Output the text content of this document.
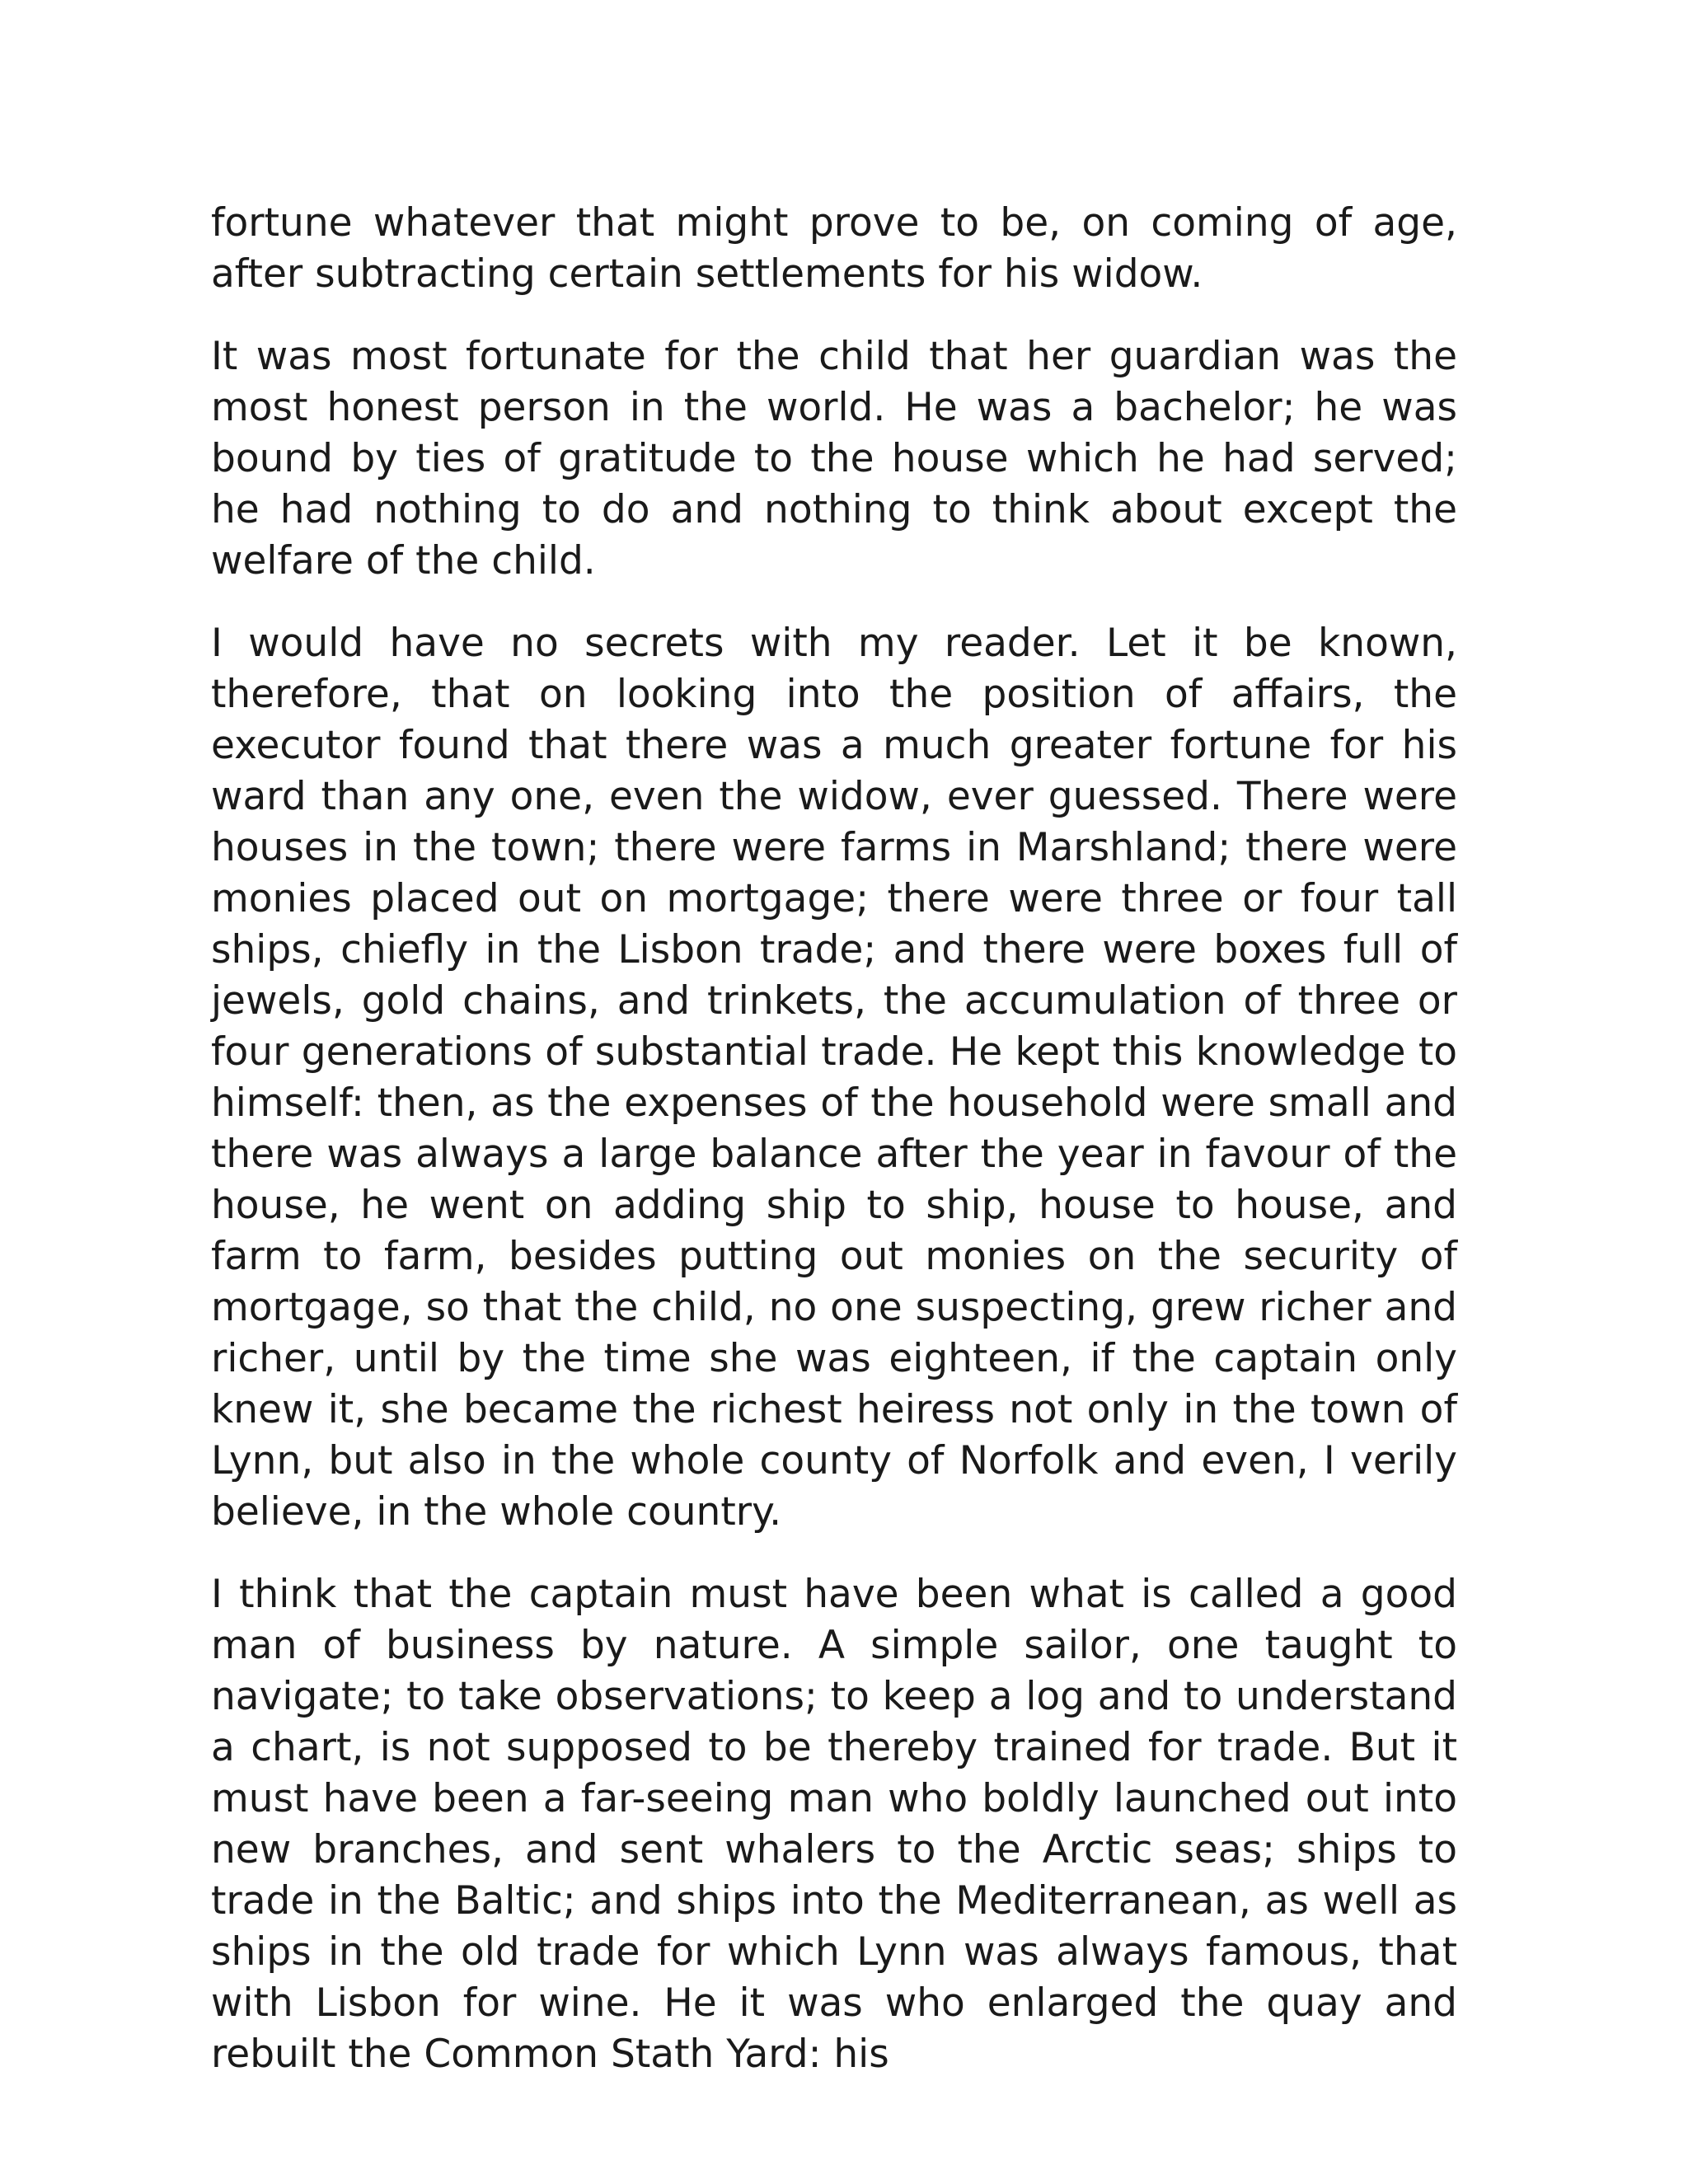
fortune whatever that might prove to be, on coming of age, after subtracting certain settlements for his widow.

It was most fortunate for the child that her guardian was the most honest person in the world. He was a bachelor; he was bound by ties of gratitude to the house which he had served; he had nothing to do and nothing to think about except the welfare of the child.

I would have no secrets with my reader. Let it be known, therefore, that on looking into the position of affairs, the executor found that there was a much greater fortune for his ward than any one, even the widow, ever guessed. There were houses in the town; there were farms in Marshland; there were monies placed out on mortgage; there were three or four tall ships, chiefly in the Lisbon trade; and there were boxes full of jewels, gold chains, and trinkets, the accumulation of three or four generations of substantial trade. He kept this knowledge to himself: then, as the expenses of the household were small and there was always a large balance after the year in favour of the house, he went on adding ship to ship, house to house, and farm to farm, besides putting out monies on the security of mortgage, so that the child, no one suspecting, grew richer and richer, until by the time she was eighteen, if the captain only knew it, she became the richest heiress not only in the town of Lynn, but also in the whole county of Norfolk and even, I verily believe, in the whole country.

I think that the captain must have been what is called a good man of business by nature. A simple sailor, one taught to navigate; to take observations; to keep a log and to understand a chart, is not supposed to be thereby trained for trade. But it must have been a far-seeing man who boldly launched out into new branches, and sent whalers to the Arctic seas; ships to trade in the Baltic; and ships into the Mediterranean, as well as ships in the old trade for which Lynn was always famous, that with Lisbon for wine. He it was who enlarged the quay and rebuilt the Common Stath Yard: his
